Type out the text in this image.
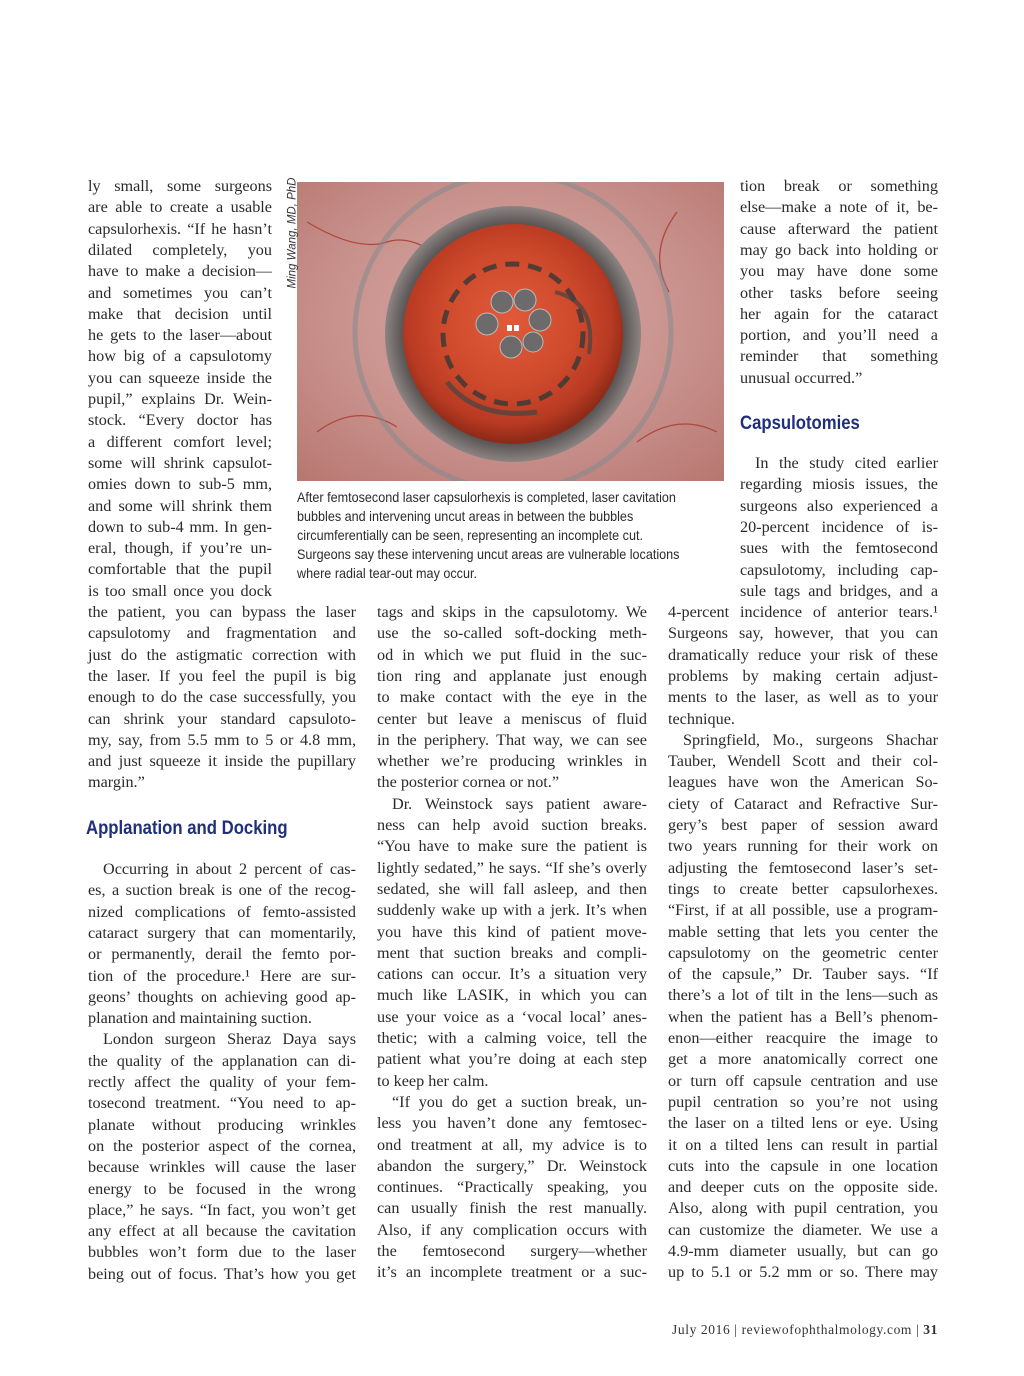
Ming Wang, MD, PhD
After femtosecond laser capsulorhexis is completed, laser cavitation
bubbles and intervening uncut areas in between the bubbles
circumferentially can be seen, representing an incomplete cut.
Surgeons say these intervening uncut areas are vulnerable locations
where radial tear-out may occur.
Applanation and Docking
Capsulotomies
July 2016 | reviewofophthalmology.com | 31
ly small, some surgeons
are able to create a usable
capsulorhexis. “If he hasn’t
dilated completely, you
have to make a decision—
and sometimes you can’t
make that decision until
he gets to the laser—about
how big of a capsulotomy
you can squeeze inside the
pupil,” explains Dr. Wein-
stock. “Every doctor has
a different comfort level;
some will shrink capsulot-
omies down to sub-5 mm,
and some will shrink them
down to sub-4 mm. In gen-
eral, though, if you’re un-
comfortable that the pupil
is too small once you dock
the patient, you can bypass the laser
capsulotomy and fragmentation and
just do the astigmatic correction with
the laser. If you feel the pupil is big
enough to do the case successfully, you
can shrink your standard capsuloto-
my, say, from 5.5 mm to 5 or 4.8 mm,
and just squeeze it inside the pupillary
margin.”
Occurring in about 2 percent of cas-
es, a suction break is one of the recog-
nized complications of femto-assisted
cataract surgery that can momentarily,
or permanently, derail the femto por-
tion of the procedure.¹ Here are sur-
geons’ thoughts on achieving good ap-
planation and maintaining suction.
London surgeon Sheraz Daya says
the quality of the applanation can di-
rectly affect the quality of your fem-
tosecond treatment. “You need to ap-
planate without producing wrinkles
on the posterior aspect of the cornea,
because wrinkles will cause the laser
energy to be focused in the wrong
place,” he says. “In fact, you won’t get
any effect at all because the cavitation
bubbles won’t form due to the laser
being out of focus. That’s how you get
tags and skips in the capsulotomy. We
use the so-called soft-docking meth-
od in which we put fluid in the suc-
tion ring and applanate just enough
to make contact with the eye in the
center but leave a meniscus of fluid
in the periphery. That way, we can see
whether we’re producing wrinkles in
the posterior cornea or not.”
Dr. Weinstock says patient aware-
ness can help avoid suction breaks.
“You have to make sure the patient is
lightly sedated,” he says. “If she’s overly
sedated, she will fall asleep, and then
suddenly wake up with a jerk. It’s when
you have this kind of patient move-
ment that suction breaks and compli-
cations can occur. It’s a situation very
much like LASIK, in which you can
use your voice as a ‘vocal local’ anes-
thetic; with a calming voice, tell the
patient what you’re doing at each step
to keep her calm.
“If you do get a suction break, un-
less you haven’t done any femtosec-
ond treatment at all, my advice is to
abandon the surgery,” Dr. Weinstock
continues. “Practically speaking, you
can usually finish the rest manually.
Also, if any complication occurs with
the femtosecond surgery—whether
it’s an incomplete treatment or a suc-
tion break or something
else—make a note of it, be-
cause afterward the patient
may go back into holding or
you may have done some
other tasks before seeing
her again for the cataract
portion, and you’ll need a
reminder that something
unusual occurred.”
In the study cited earlier
regarding miosis issues, the
surgeons also experienced a
20-percent incidence of is-
sues with the femtosecond
capsulotomy, including cap-
sule tags and bridges, and a
4-percent incidence of anterior tears.¹
Surgeons say, however, that you can
dramatically reduce your risk of these
problems by making certain adjust-
ments to the laser, as well as to your
technique.
Springfield, Mo., surgeons Shachar
Tauber, Wendell Scott and their col-
leagues have won the American So-
ciety of Cataract and Refractive Sur-
gery’s best paper of session award
two years running for their work on
adjusting the femtosecond laser’s set-
tings to create better capsulorhexes.
“First, if at all possible, use a program-
mable setting that lets you center the
capsulotomy on the geometric center
of the capsule,” Dr. Tauber says. “If
there’s a lot of tilt in the lens—such as
when the patient has a Bell’s phenom-
enon—either reacquire the image to
get a more anatomically correct one
or turn off capsule centration and use
pupil centration so you’re not using
the laser on a tilted lens or eye. Using
it on a tilted lens can result in partial
cuts into the capsule in one location
and deeper cuts on the opposite side.
Also, along with pupil centration, you
can customize the diameter. We use a
4.9-mm diameter usually, but can go
up to 5.1 or 5.2 mm or so. There may
